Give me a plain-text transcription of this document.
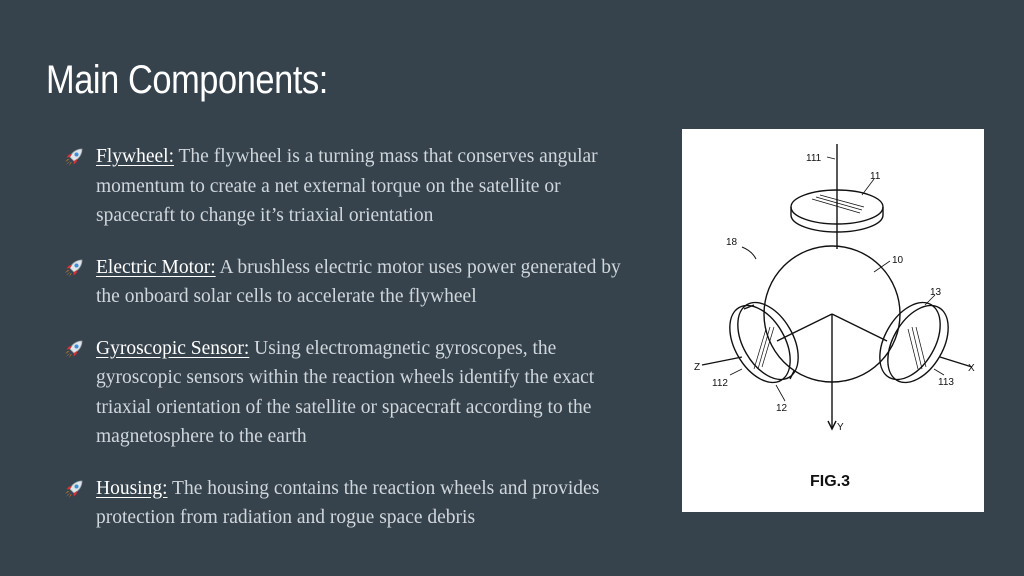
Main Components:

Flywheel: The flywheel is a turning mass that conserves angular momentum to create a net external torque on the satellite or spacecraft to change it’s triaxial orientation

Electric Motor: A brushless electric motor uses power generated by the onboard solar cells to accelerate the flywheel

Gyroscopic Sensor: Using electromagnetic gyroscopes, the gyroscopic sensors within the reaction wheels identify the exact triaxial orientation of the satellite or spacecraft according to the magnetosphere to the earth

Housing: The housing contains the reaction wheels and provides protection from radiation and rogue space debris

111
11
18
10
13
Z	X
112	113
12
Y
FIG.3
